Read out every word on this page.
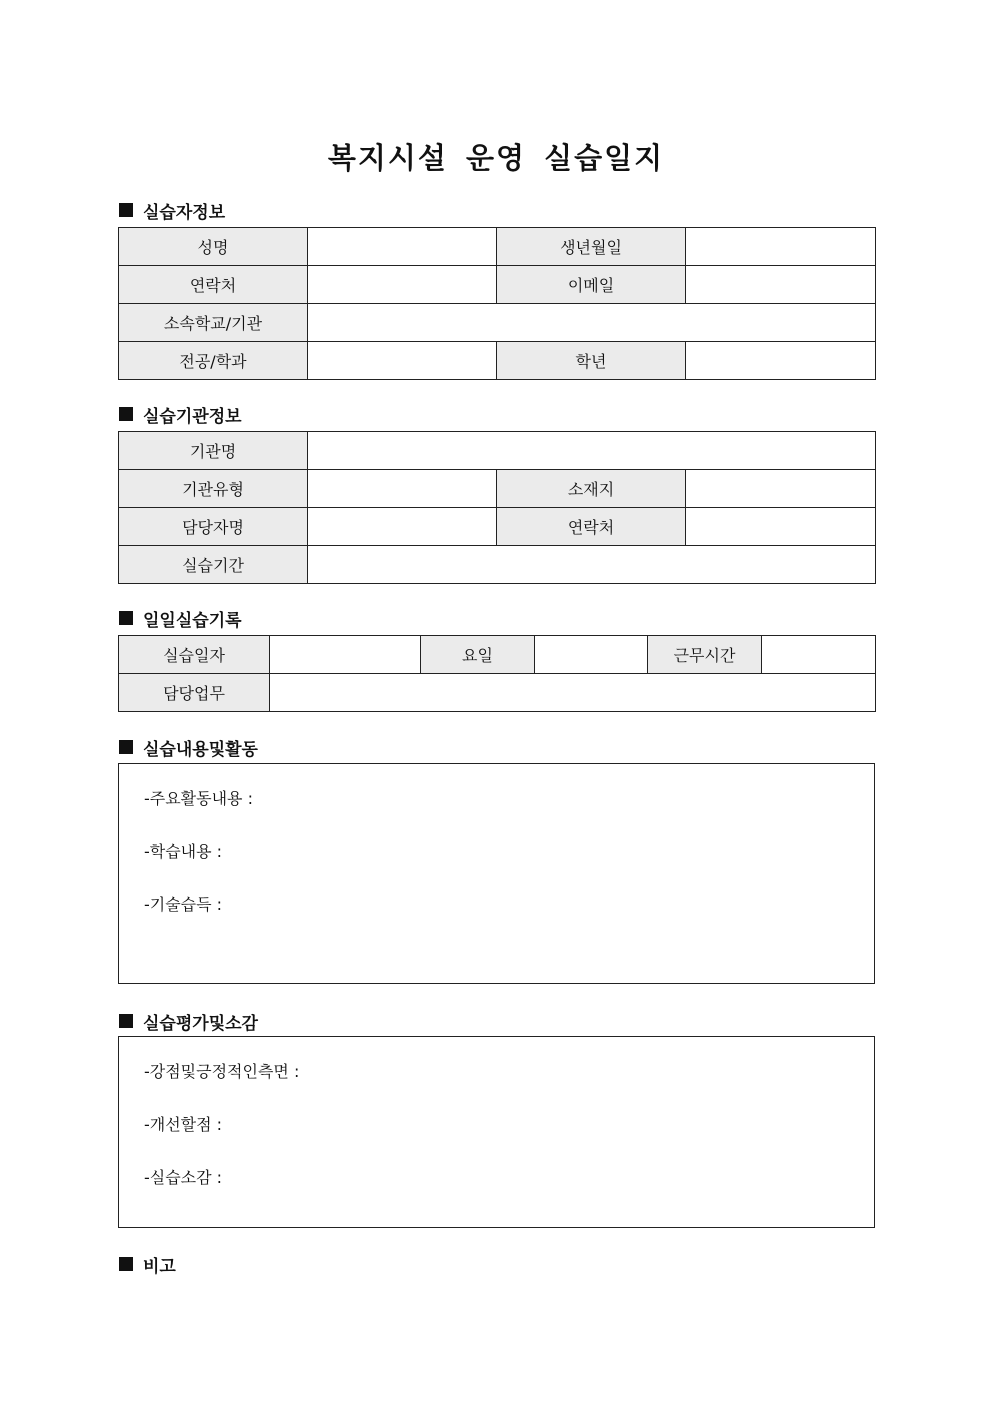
복지시설 운영 실습일지
실습자정보
성명		생년월일	
연락처		이메일	
소속학교/기관			
전공/학과		학년	
실습기관정보
기관명			
기관유형		소재지	
담당자명		연락처	
실습기간			
일일실습기록
실습일자		요일		근무시간	
담당업무					
실습내용및활동
-주요활동내용 :
-학습내용 :
-기술습득 :
실습평가및소감
-강점및긍정적인측면 :
-개선할점 :
-실습소감 :
비고
